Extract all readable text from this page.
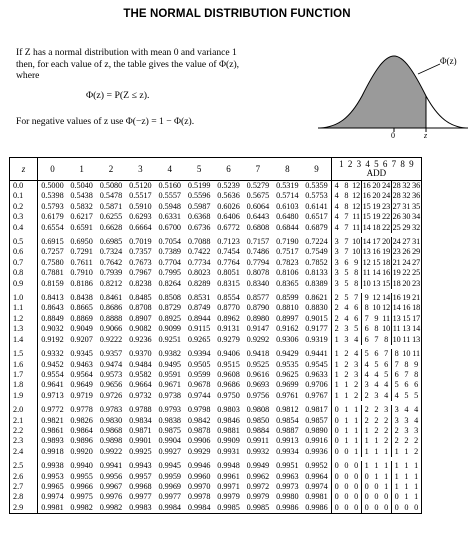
THE NORMAL DISTRIBUTION FUNCTION
If Z has a normal distribution with mean 0 and variance 1 then, for each value of z, the table gives the value of Φ(z), where
Φ(z) = P(Z ≤ z).
For negative values of z use Φ(−z) = 1 − Φ(z).
Φ(z)
0	z
z	0	1	2	3	4	5	6	7	8	9	1 2 3 4 5 6 7 8 9
ADD								

0.0	0.5000	0.5040	0.5080	0.5120	0.5160	0.5199	0.5239	0.5279	0.5319	0.5359	4	8	12	16	20	24	28	32	36
0.1	0.5398	0.5438	0.5478	0.5517	0.5557	0.5596	0.5636	0.5675	0.5714	0.5753	4	8	12	16	20	24	28	32	36
0.2	0.5793	0.5832	0.5871	0.5910	0.5948	0.5987	0.6026	0.6064	0.6103	0.6141	4	8	12	15	19	23	27	31	35
0.3	0.6179	0.6217	0.6255	0.6293	0.6331	0.6368	0.6406	0.6443	0.6480	0.6517	4	7	11	15	19	22	26	30	34
0.4	0.6554	0.6591	0.6628	0.6664	0.6700	0.6736	0.6772	0.6808	0.6844	0.6879	4	7	11	14	18	22	25	29	32

0.5	0.6915	0.6950	0.6985	0.7019	0.7054	0.7088	0.7123	0.7157	0.7190	0.7224	3	7	10	14	17	20	24	27	31
0.6	0.7257	0.7291	0.7324	0.7357	0.7389	0.7422	0.7454	0.7486	0.7517	0.7549	3	7	10	13	16	19	23	26	29
0.7	0.7580	0.7611	0.7642	0.7673	0.7704	0.7734	0.7764	0.7794	0.7823	0.7852	3	6	9	12	15	18	21	24	27
0.8	0.7881	0.7910	0.7939	0.7967	0.7995	0.8023	0.8051	0.8078	0.8106	0.8133	3	5	8	11	14	16	19	22	25
0.9	0.8159	0.8186	0.8212	0.8238	0.8264	0.8289	0.8315	0.8340	0.8365	0.8389	3	5	8	10	13	15	18	20	23

1.0	0.8413	0.8438	0.8461	0.8485	0.8508	0.8531	0.8554	0.8577	0.8599	0.8621	2	5	7	9	12	14	16	19	21
1.1	0.8643	0.8665	0.8686	0.8708	0.8729	0.8749	0.8770	0.8790	0.8810	0.8830	2	4	6	8	10	12	14	16	18
1.2	0.8849	0.8869	0.8888	0.8907	0.8925	0.8944	0.8962	0.8980	0.8997	0.9015	2	4	6	7	9	11	13	15	17
1.3	0.9032	0.9049	0.9066	0.9082	0.9099	0.9115	0.9131	0.9147	0.9162	0.9177	2	3	5	6	8	10	11	13	14
1.4	0.9192	0.9207	0.9222	0.9236	0.9251	0.9265	0.9279	0.9292	0.9306	0.9319	1	3	4	6	7	8	10	11	13

1.5	0.9332	0.9345	0.9357	0.9370	0.9382	0.9394	0.9406	0.9418	0.9429	0.9441	1	2	4	5	6	7	8	10	11
1.6	0.9452	0.9463	0.9474	0.9484	0.9495	0.9505	0.9515	0.9525	0.9535	0.9545	1	2	3	4	5	6	7	8	9
1.7	0.9554	0.9564	0.9573	0.9582	0.9591	0.9599	0.9608	0.9616	0.9625	0.9633	1	2	3	4	4	5	6	7	8
1.8	0.9641	0.9649	0.9656	0.9664	0.9671	0.9678	0.9686	0.9693	0.9699	0.9706	1	1	2	3	4	4	5	6	6
1.9	0.9713	0.9719	0.9726	0.9732	0.9738	0.9744	0.9750	0.9756	0.9761	0.9767	1	1	2	2	3	4	4	5	5

2.0	0.9772	0.9778	0.9783	0.9788	0.9793	0.9798	0.9803	0.9808	0.9812	0.9817	0	1	1	2	2	3	3	4	4
2.1	0.9821	0.9826	0.9830	0.9834	0.9838	0.9842	0.9846	0.9850	0.9854	0.9857	0	1	1	2	2	2	3	3	4
2.2	0.9861	0.9864	0.9868	0.9871	0.9875	0.9878	0.9881	0.9884	0.9887	0.9890	0	1	1	1	2	2	2	3	3
2.3	0.9893	0.9896	0.9898	0.9901	0.9904	0.9906	0.9909	0.9911	0.9913	0.9916	0	1	1	1	1	2	2	2	2
2.4	0.9918	0.9920	0.9922	0.9925	0.9927	0.9929	0.9931	0.9932	0.9934	0.9936	0	0	1	1	1	1	1	1	2

2.5	0.9938	0.9940	0.9941	0.9943	0.9945	0.9946	0.9948	0.9949	0.9951	0.9952	0	0	0	1	1	1	1	1	1
2.6	0.9953	0.9955	0.9956	0.9957	0.9959	0.9960	0.9961	0.9962	0.9963	0.9964	0	0	0	0	1	1	1	1	1
2.7	0.9965	0.9966	0.9967	0.9968	0.9969	0.9970	0.9971	0.9972	0.9973	0.9974	0	0	0	0	0	1	1	1	1
2.8	0.9974	0.9975	0.9976	0.9977	0.9977	0.9978	0.9979	0.9979	0.9980	0.9981	0	0	0	0	0	0	0	1	1
2.9	0.9981	0.9982	0.9982	0.9983	0.9984	0.9984	0.9985	0.9985	0.9986	0.9986	0	0	0	0	0	0	0	0	0
